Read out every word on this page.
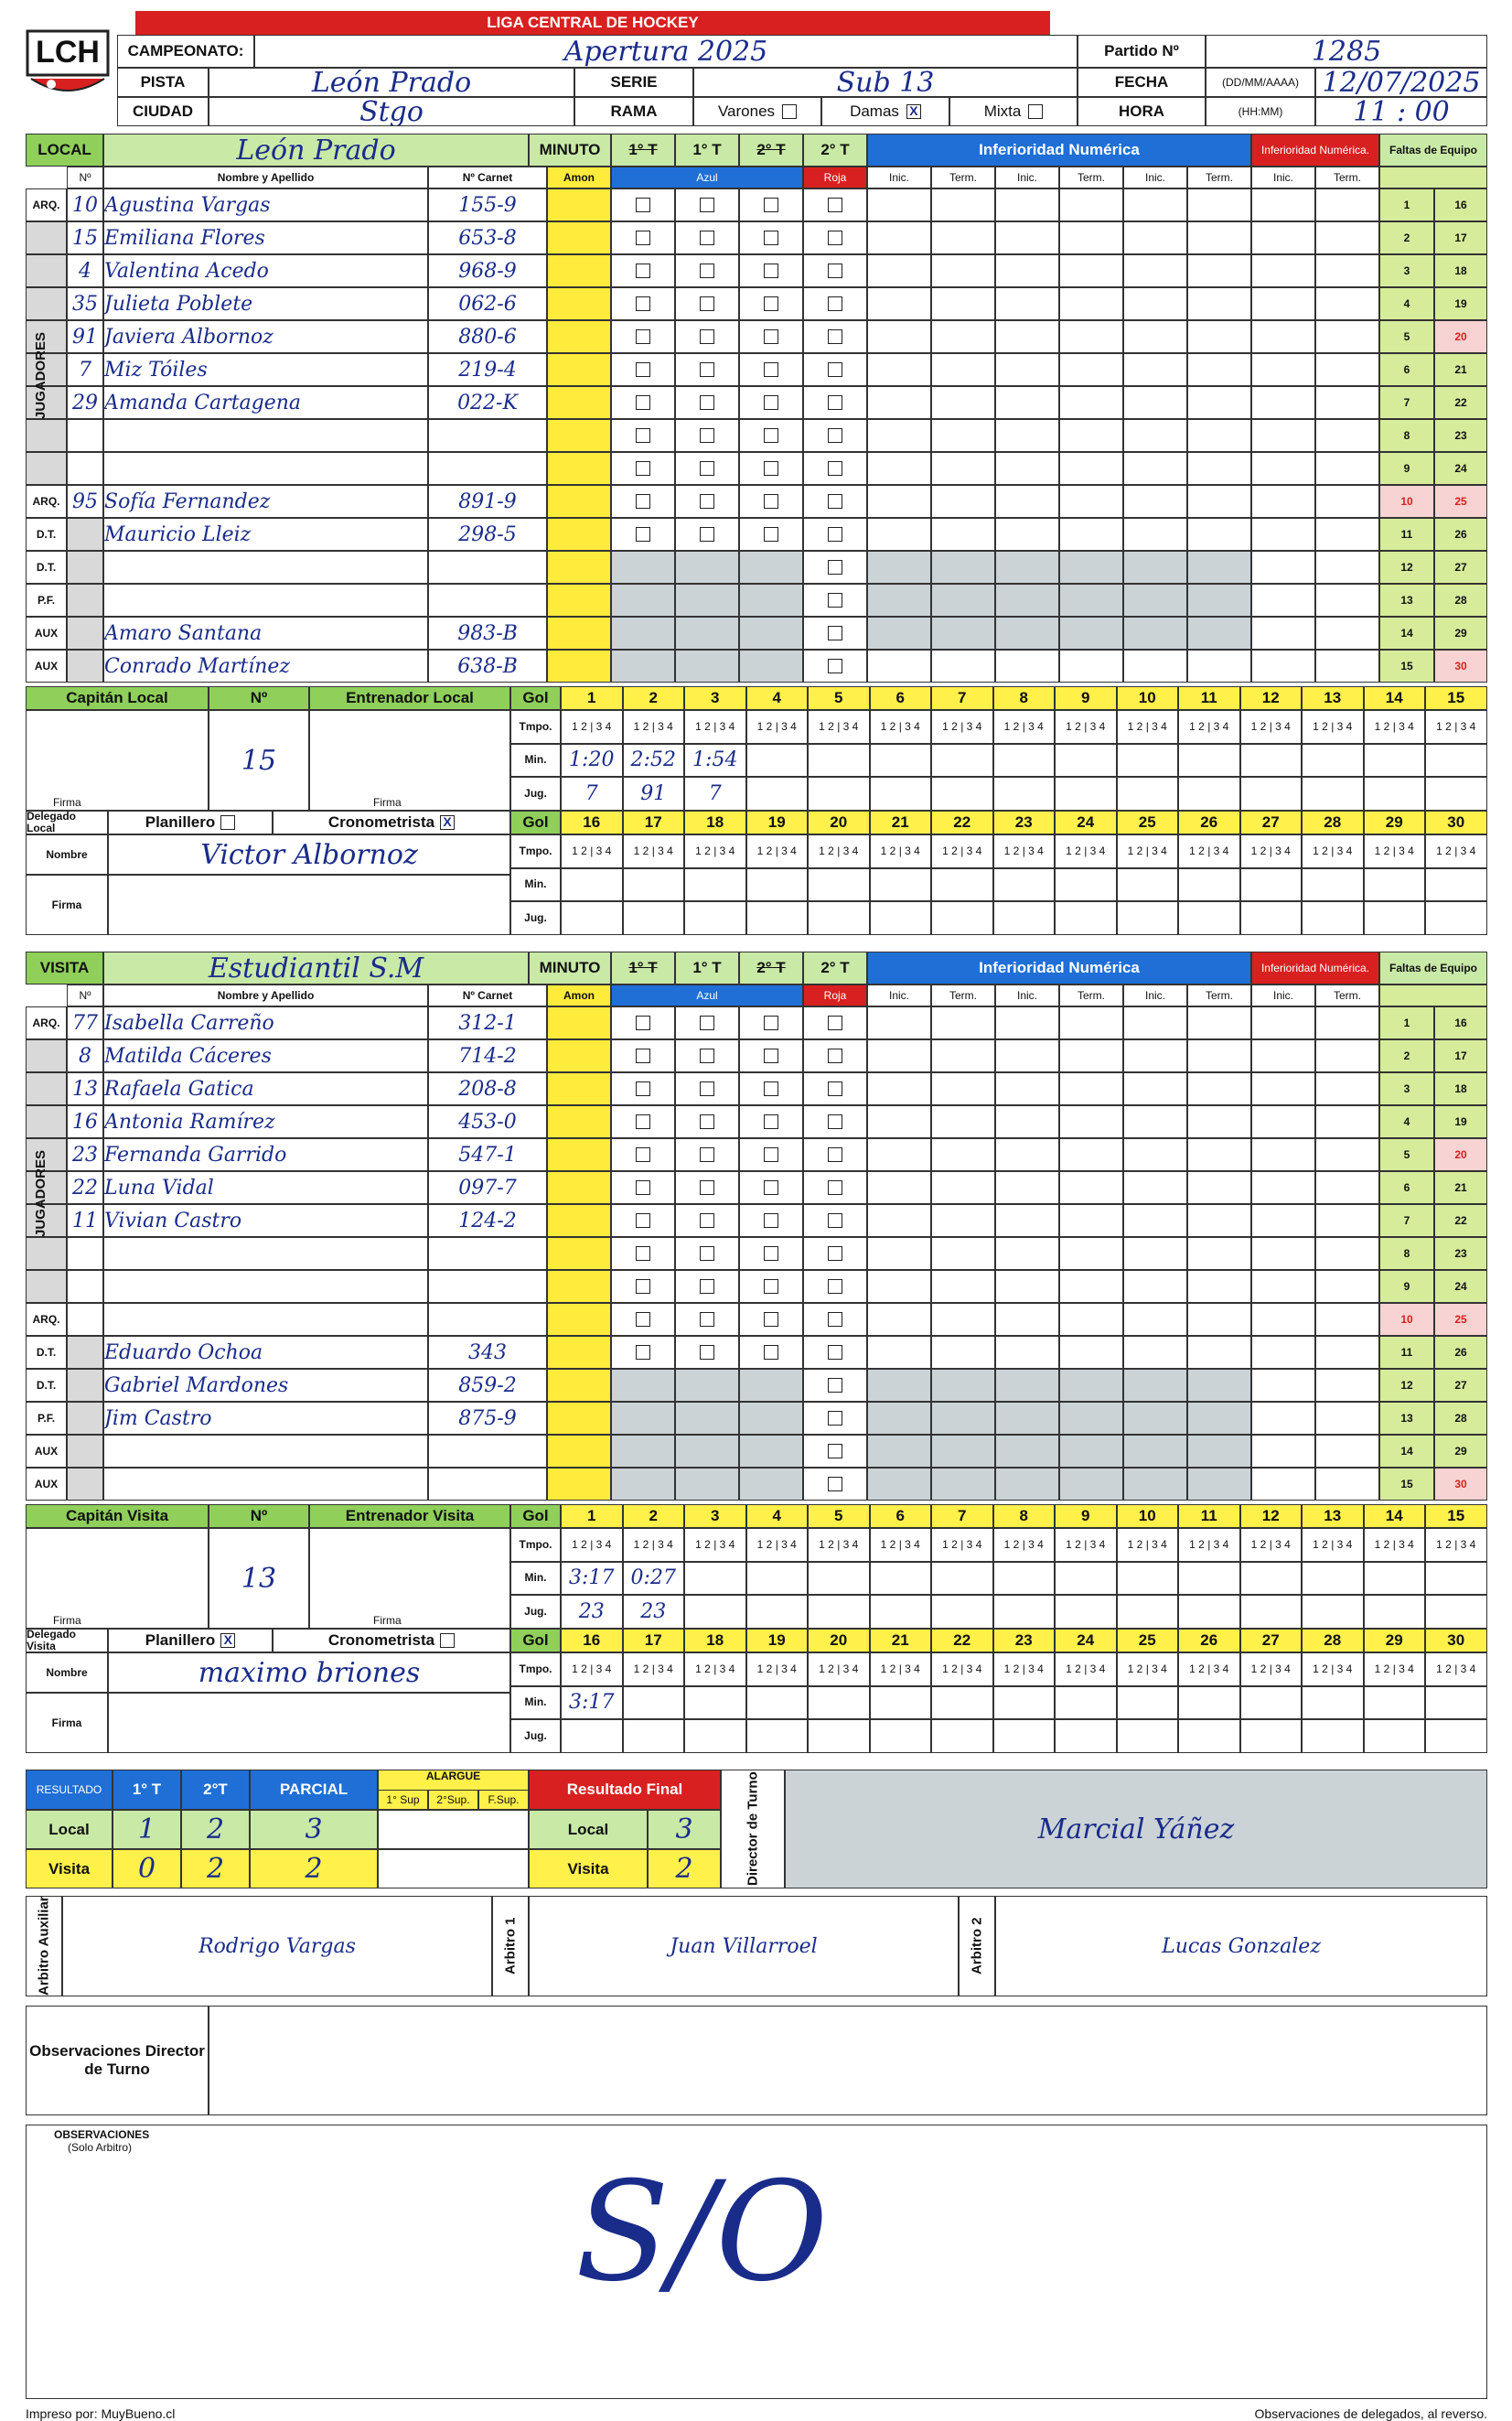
LCH
LIGA CENTRAL DE HOCKEY
CAMPEONATO:	Apertura 2025	Partido Nº	1285
PISTA	León Prado	SERIE	Sub 13	FECHA	(DD/MM/AAAA) 12/07/2025
CIUDAD	Stgo	RAMA	Varones	Damas X	Mixta	HORA	(HH:MM)	11 : 00
LOCAL	León Prado	MINUTO	1° T	1° T	2° T	2° T	Inferioridad Numérica	Inferioridad Numérica.	Faltas de Equipo
Nº	Nombre y Apellido	Nº Carnet	Amon	Azul	Roja	Inic.	Term.	Inic.	Term.	Inic.	Term.	Inic.	Term.
ARQ. 10 Agustina Vargas	155-9	1	16
15 Emiliana Flores	653-8	2	17
4 Valentina Acedo	968-9	3	18
35 Julieta Poblete	062-6	4	19
91 Javiera Albornoz	880-6	5	20
7 Miz Tóiles	219-4	6	21
29 Amanda Cartagena	022-K	7	22
8	23
9	24
ARQ. 95 Sofía Fernandez	891-9	10	25
D.T.	Mauricio Lleiz	298-5	11	26
D.T.	12	27
P.F.	13	28
AUX	Amaro Santana	983-B	14	29
AUX	Conrado Martínez	638-B	15	30
JUGADORES
Capitán Local	Nº	Entrenador Local	Gol	1	2	3	4	5	6	7	8	9	10	11	12	13	14	15
15
Firma	Firma
Tmpo.	1 2 | 3 4	1 2 | 3 4	1 2 | 3 4	1 2 | 3 4	1 2 | 3 4	1 2 | 3 4	1 2 | 3 4	1 2 | 3 4	1 2 | 3 4	1 2 | 3 4	1 2 | 3 4	1 2 | 3 4	1 2 | 3 4	1 2 | 3 4	1 2 | 3 4
Min.	1:20 2:52 1:54
Jug.	7	91	7
Delegado Local	Planillero	Cronometrista X	Gol	16	17	18	19	20	21	22	23	24	25	26	27	28	29	30
Nombre	Victor Albornoz
Firma
Tmpo.	1 2 | 3 4	1 2 | 3 4	1 2 | 3 4	1 2 | 3 4	1 2 | 3 4	1 2 | 3 4	1 2 | 3 4	1 2 | 3 4	1 2 | 3 4	1 2 | 3 4	1 2 | 3 4	1 2 | 3 4	1 2 | 3 4	1 2 | 3 4	1 2 | 3 4
Min.
Jug.
VISITA	Estudiantil S.M	MINUTO	1° T	1° T	2° T	2° T	Inferioridad Numérica	Inferioridad Numérica.	Faltas de Equipo
Nº	Nombre y Apellido	Nº Carnet	Amon	Azul	Roja	Inic.	Term.	Inic.	Term.	Inic.	Term.	Inic.	Term.
ARQ. 77 Isabella Carreño	312-1	1	16
8 Matilda Cáceres	714-2	2	17
13 Rafaela Gatica	208-8	3	18
16 Antonia Ramírez	453-0	4	19
23 Fernanda Garrido	547-1	5	20
22 Luna Vidal	097-7	6	21
11 Vivian Castro	124-2	7	22
8	23
9	24
ARQ.	10	25
D.T.	Eduardo Ochoa	343	11	26
D.T.	Gabriel Mardones	859-2	12	27
P.F.	Jim Castro	875-9	13	28
AUX	14	29
AUX	15	30
JUGADORES
Capitán Visita	Nº	Entrenador Visita	Gol	1	2	3	4	5	6	7	8	9	10	11	12	13	14	15
13
Firma	Firma
Tmpo.	1 2 | 3 4	1 2 | 3 4	1 2 | 3 4	1 2 | 3 4	1 2 | 3 4	1 2 | 3 4	1 2 | 3 4	1 2 | 3 4	1 2 | 3 4	1 2 | 3 4	1 2 | 3 4	1 2 | 3 4	1 2 | 3 4	1 2 | 3 4	1 2 | 3 4
Min.	3:17 0:27
Jug.	23	23
Delegado Visita	Planillero X	Cronometrista	Gol	16	17	18	19	20	21	22	23	24	25	26	27	28	29	30
Nombre	maximo briones
Firma
Tmpo.	1 2 | 3 4	1 2 | 3 4	1 2 | 3 4	1 2 | 3 4	1 2 | 3 4	1 2 | 3 4	1 2 | 3 4	1 2 | 3 4	1 2 | 3 4	1 2 | 3 4	1 2 | 3 4	1 2 | 3 4	1 2 | 3 4	1 2 | 3 4	1 2 | 3 4
Min.	3:17
Jug.
RESULTADO	1° T	2°T	PARCIAL
ALARGUE
Resultado Final	Director de Turno	Marcial Yáñez
1° Sup	2°Sup.	F.Sup.
Local	1	2	3	Local	3
Visita	0	2	2	Visita	2
Arbitro Auxiliar	Rodrigo Vargas	Arbitro 1	Juan Villarroel	Arbitro 2	Lucas Gonzalez
Observaciones Director de Turno
OBSERVACIONES
(Solo Arbitro)
S/O
Impreso por: MuyBueno.cl	Observaciones de delegados, al reverso.
